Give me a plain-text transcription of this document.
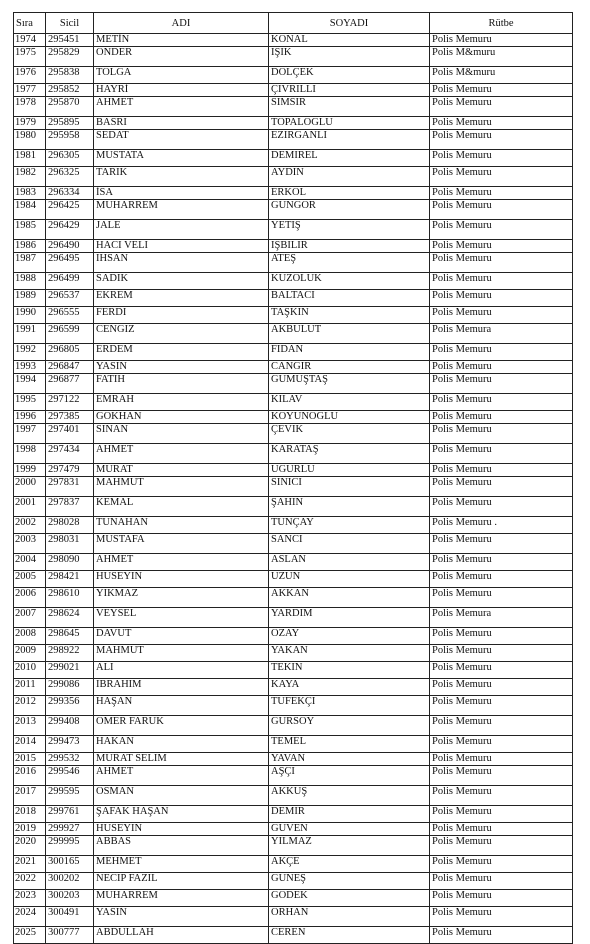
Sıra	Sicil	ADI	SOYADI	Rütbe
1974	295451	METİN	KONAL	Polis Memuru
1975	295829	ONDER	IŞIK	Polis M&muru
1976	295838	TOLGA	DOLÇEK	Polis M&muru
1977	295852	HAYRİ	ÇIVRILLI	Polis Memuru
1978	295870	AHMET	SIMSIR	Polis Memuru
1979	295895	BASRI	TOPALOGLU	Polis Memuru
1980	295958	SEDAT	EZIRGANLI	Polis Memuru
1981	296305	MUSTATA	DEMIREL	Polis Memuru
1982	296325	TARIK	AYDIN	Polis Memuru
1983	296334	İSA	ERKOL	Polis Memuru
1984	296425	MUHARREM	GUNGOR	Polis Memuru
1985	296429	JALE	YETIŞ	Polis Memuru
1986	296490	HACI VELI	IŞBILIR	Polis Memuru
1987	296495	IHSAN	ATEŞ	Polis Memuru
1988	296499	SADIK	KUZOLUK	Polis Memuru
1989	296537	EKREM	BALTACI	Polis Memuru
1990	296555	FERDI	TAŞKIN	Polis Memuru
1991	296599	CENGIZ	AKBULUT	Polis Memura
1992	296805	ERDEM	FIDAN	Polis Memuru
1993	296847	YASIN	CANGIR	Polis Memuru
1994	296877	FATIH	GUMUŞTAŞ	Polis Memuru
1995	297122	EMRAH	KILAV	Polis Memuru
1996	297385	GOKHAN	KOYUNOGLU	Polis Memuru
1997	297401	SINAN	ÇEVIK	Polis Memuru
1998	297434	AHMET	KARATAŞ	Polis Memuru
1999	297479	MURAT	UGURLU	Polis Memuru
2000	297831	MAHMUT	SINICI	Polis Memuru
2001	297837	KEMAL	ŞAHIN	Polis Memuru
2002	298028	TUNAHAN	TUNÇAY	Polis Memuru .
2003	298031	MUSTAFA	SANCI	Polis Memuru
2004	298090	AHMET	ASLAN	Polis Memuru
2005	298421	HUSEYIN	UZUN	Polis Memuru
2006	298610	YIKMAZ	AKKAN	Polis Memuru
2007	298624	VEYSEL	YARDIM	Polis Memura
2008	298645	DAVUT	OZAY	Polis Memuru
2009	298922	MAHMUT	YAKAN	Polis Memuru
2010	299021	ALI	TEKIN	Polis Memuru
2011	299086	IBRAHIM	KAYA	Polis Memuru
2012	299356	HAŞAN	TUFEKÇI	Polis Memuru
2013	299408	OMER FARUK	GURSOY	Polis Memuru
2014	299473	HAKAN	TEMEL	Polis Memuru
2015	299532	MURAT SELIM	YAVAN	Polis Memuru
2016	299546	AHMET	AŞÇI	Polis Memuru
2017	299595	OSMAN	AKKUŞ	Polis Memuru
2018	299761	ŞAFAK HAŞAN	DEMIR	Polis Memuru
2019	299927	HUSEYIN	GUVEN	Polis Memuru
2020	299995	ABBAS	YILMAZ	Polis Memuru
2021	300165	MEHMET	AKÇE	Polis Memuru
2022	300202	NECIP FAZIL	GUNEŞ	Polis Memuru
2023	300203	MUHARREM	GODEK	Polis Memuru
2024	300491	YASIN	ORHAN	Polis Memuru
2025	300777	ABDULLAH	CEREN	Polis Memuru
